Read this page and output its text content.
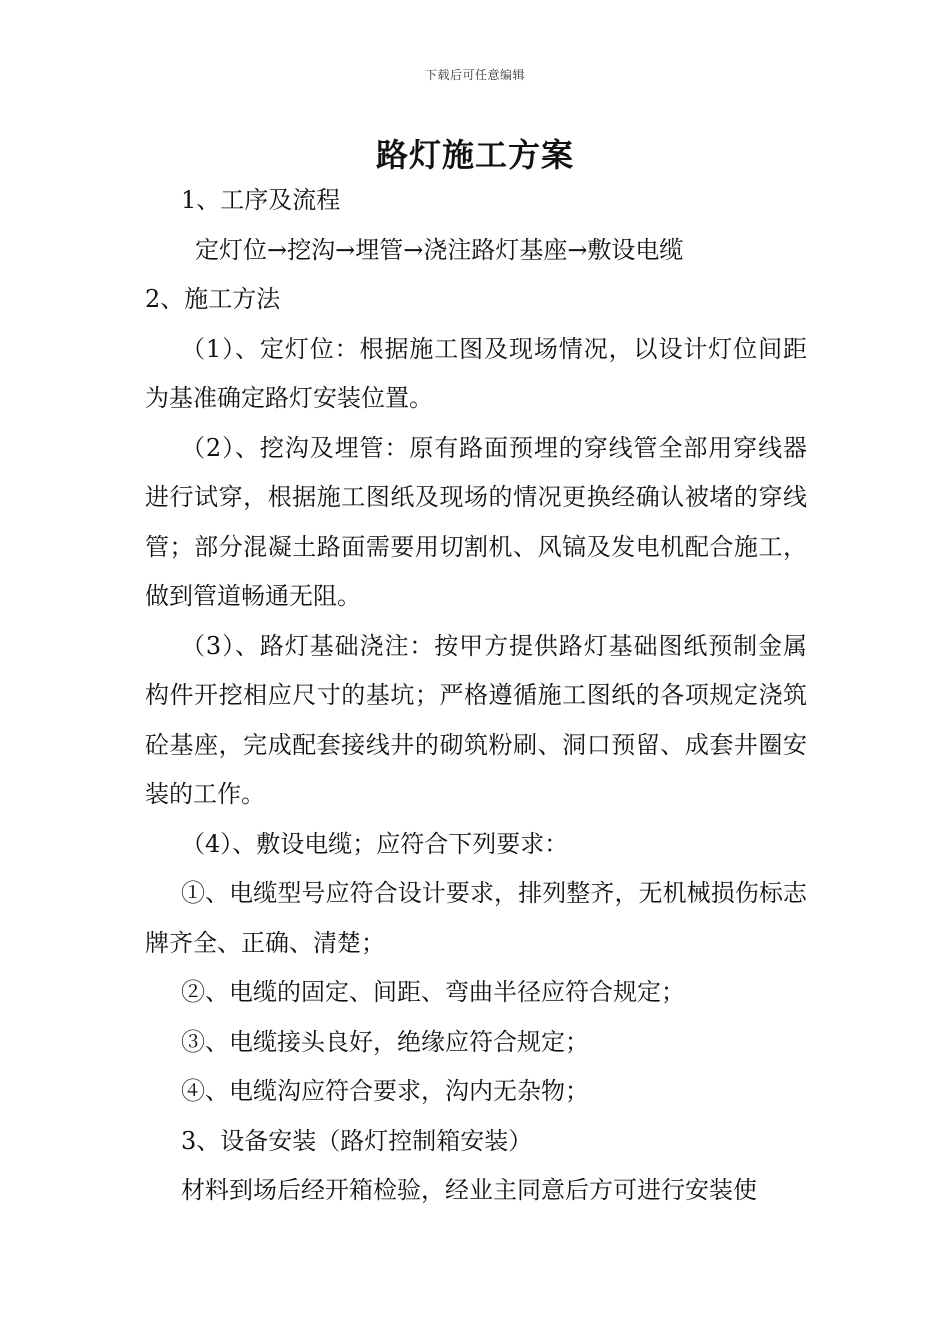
下载后可任意编辑
路灯施工方案

1、工序及流程

定灯位→挖沟→埋管→浇注路灯基座→敷设电缆

2、施工方法

（1）、定灯位：根据施工图及现场情况，以设计灯位间距为基准确定路灯安装位置。

（2）、挖沟及埋管：原有路面预埋的穿线管全部用穿线器进行试穿，根据施工图纸及现场的情况更换经确认被堵的穿线管；部分混凝土路面需要用切割机、风镐及发电机配合施工，做到管道畅通无阻。

（3）、路灯基础浇注：按甲方提供路灯基础图纸预制金属构件开挖相应尺寸的基坑；严格遵循施工图纸的各项规定浇筑砼基座，完成配套接线井的砌筑粉刷、洞口预留、成套井圈安装的工作。

（4）、敷设电缆；应符合下列要求：

①、电缆型号应符合设计要求，排列整齐，无机械损伤标志牌齐全、正确、清楚；

②、电缆的固定、间距、弯曲半径应符合规定；

③、电缆接头良好，绝缘应符合规定；

④、电缆沟应符合要求，沟内无杂物；

3、设备安装（路灯控制箱安装）

材料到场后经开箱检验，经业主同意后方可进行安装使
